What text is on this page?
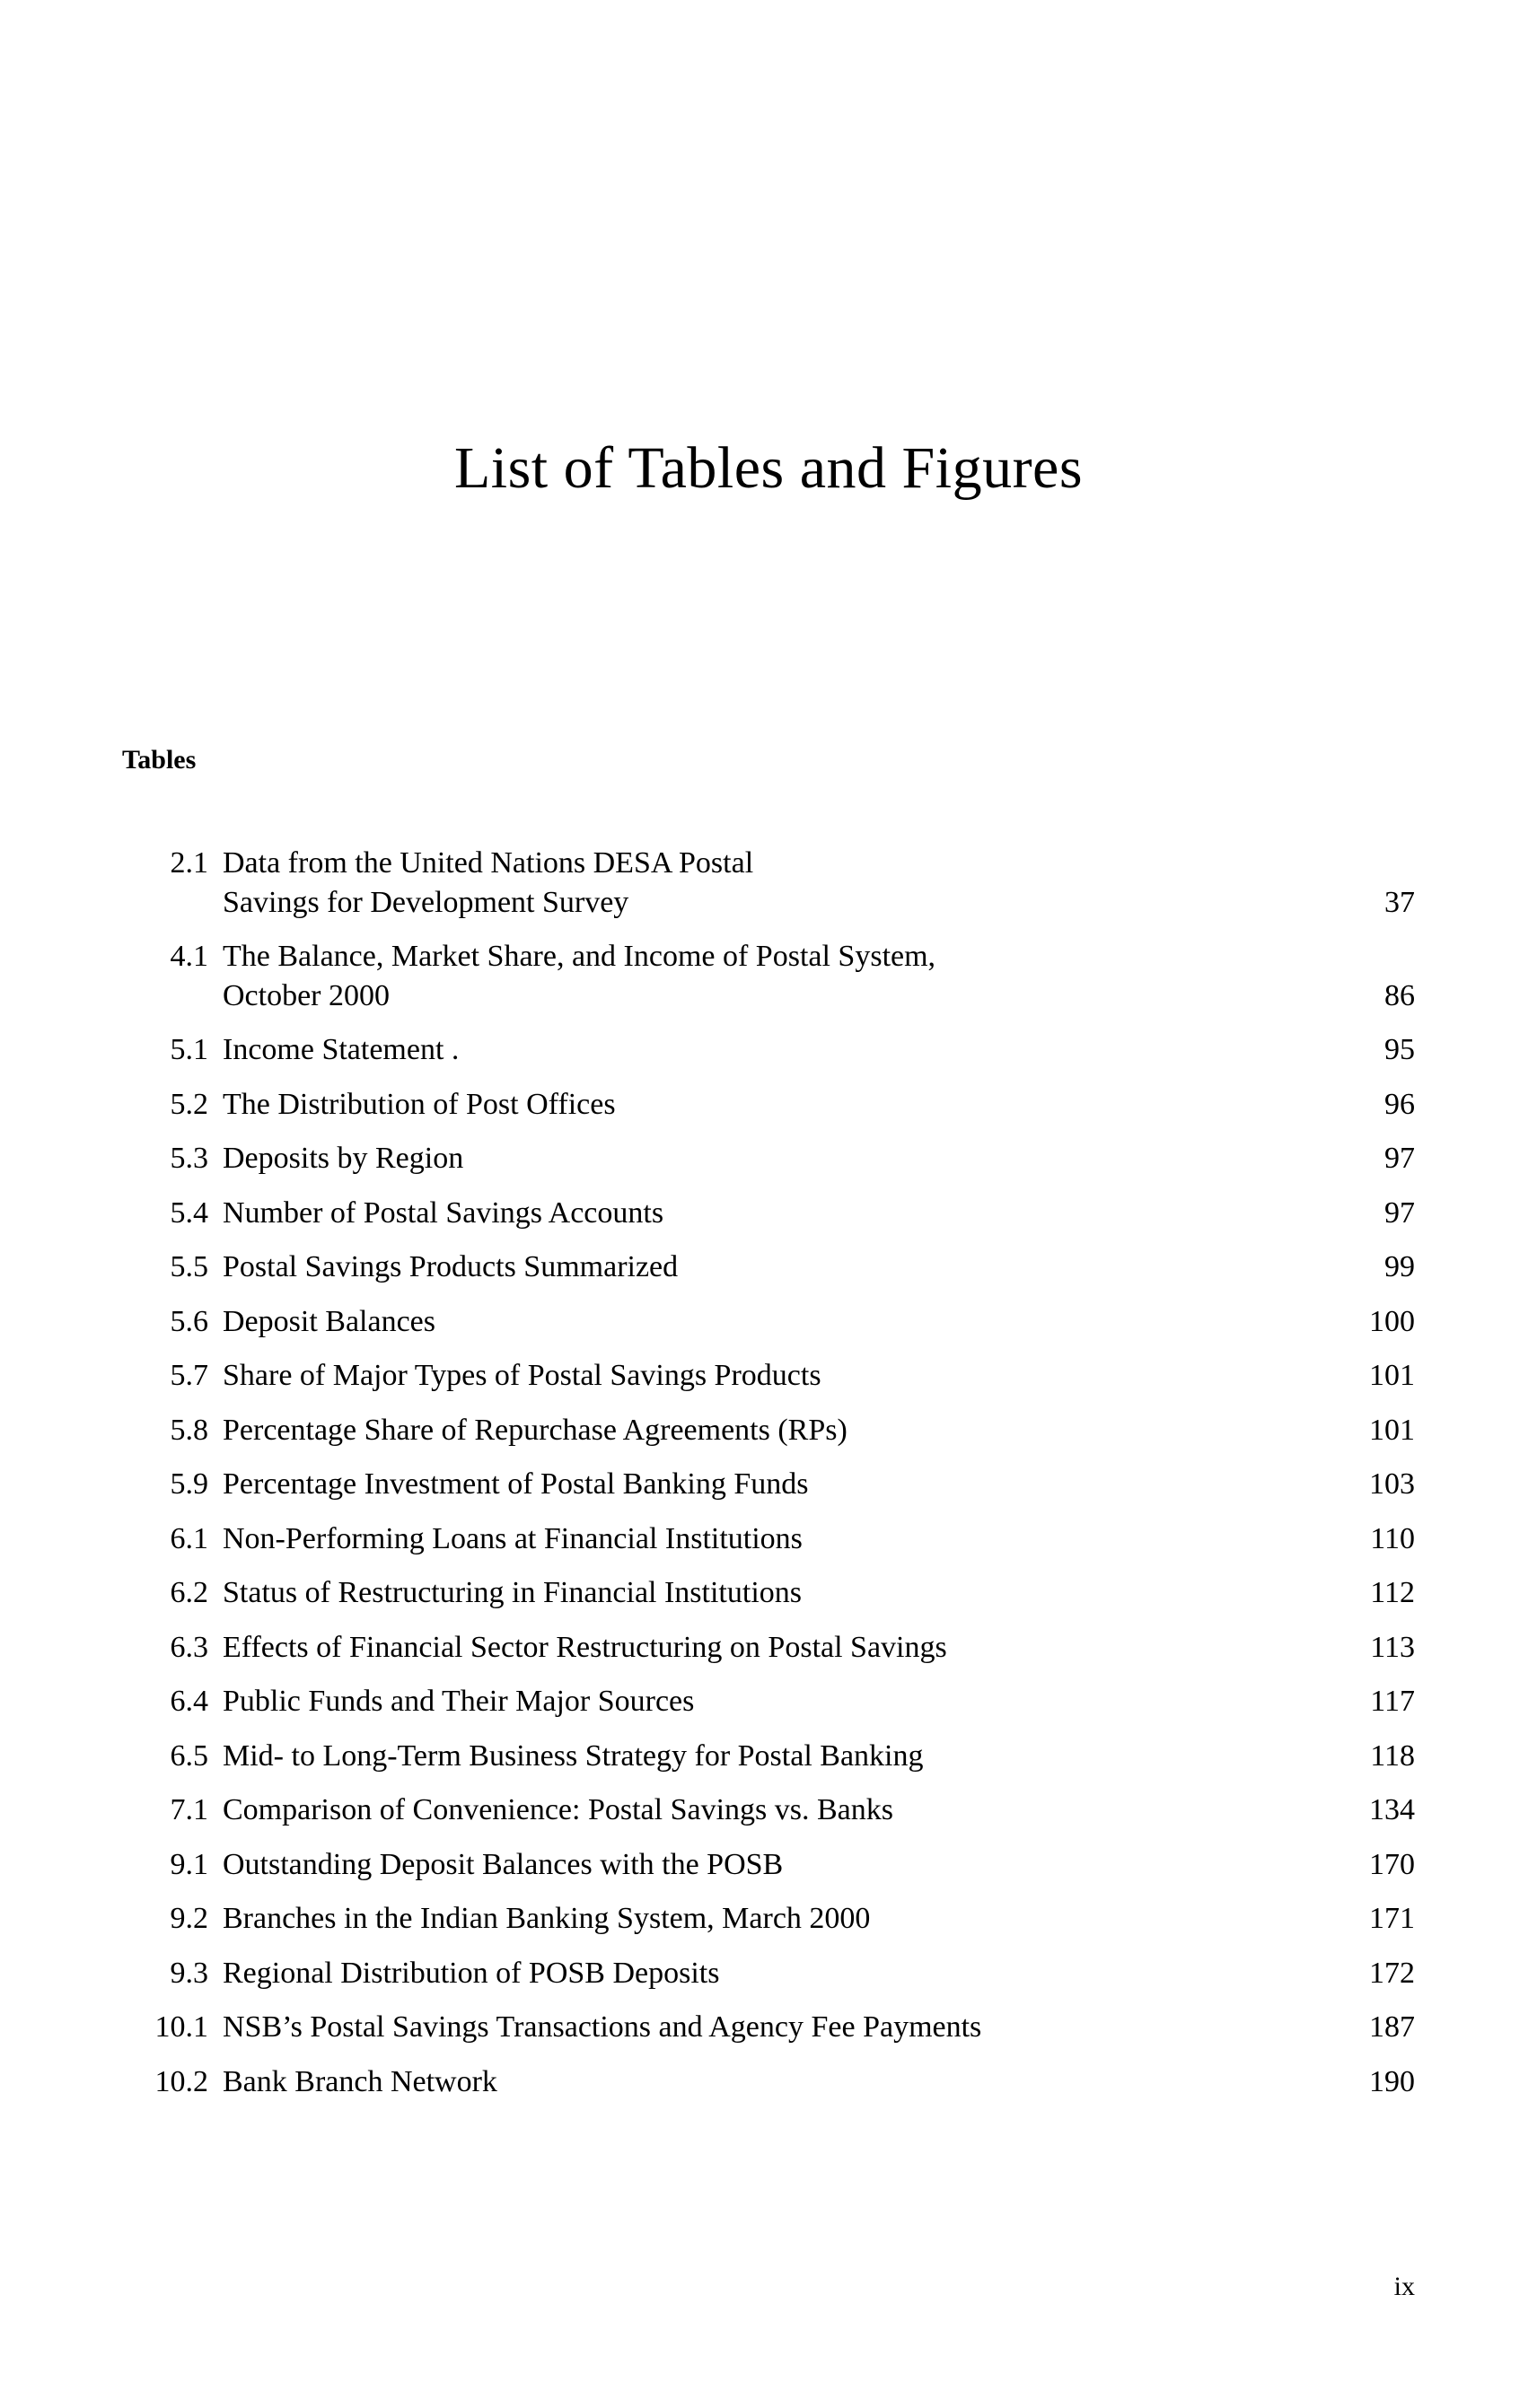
List of Tables and Figures
Tables
2.1 Data from the United Nations DESA Postal
Savings for Development Survey	37
4.1 The Balance, Market Share, and Income of Postal System,
October 2000	86
5.1 Income Statement .	95
5.2 The Distribution of Post Offices	96
5.3 Deposits by Region	97
5.4 Number of Postal Savings Accounts	97
5.5 Postal Savings Products Summarized	99
5.6 Deposit Balances	100
5.7 Share of Major Types of Postal Savings Products	101
5.8 Percentage Share of Repurchase Agreements (RPs)	101
5.9 Percentage Investment of Postal Banking Funds	103
6.1 Non-Performing Loans at Financial Institutions	110
6.2 Status of Restructuring in Financial Institutions	112
6.3 Effects of Financial Sector Restructuring on Postal Savings	113
6.4 Public Funds and Their Major Sources	117
6.5 Mid- to Long-Term Business Strategy for Postal Banking	118
7.1 Comparison of Convenience: Postal Savings vs. Banks	134
9.1 Outstanding Deposit Balances with the POSB	170
9.2 Branches in the Indian Banking System, March 2000	171
9.3 Regional Distribution of POSB Deposits	172
10.1 NSB’s Postal Savings Transactions and Agency Fee Payments	187
10.2 Bank Branch Network	190
ix
